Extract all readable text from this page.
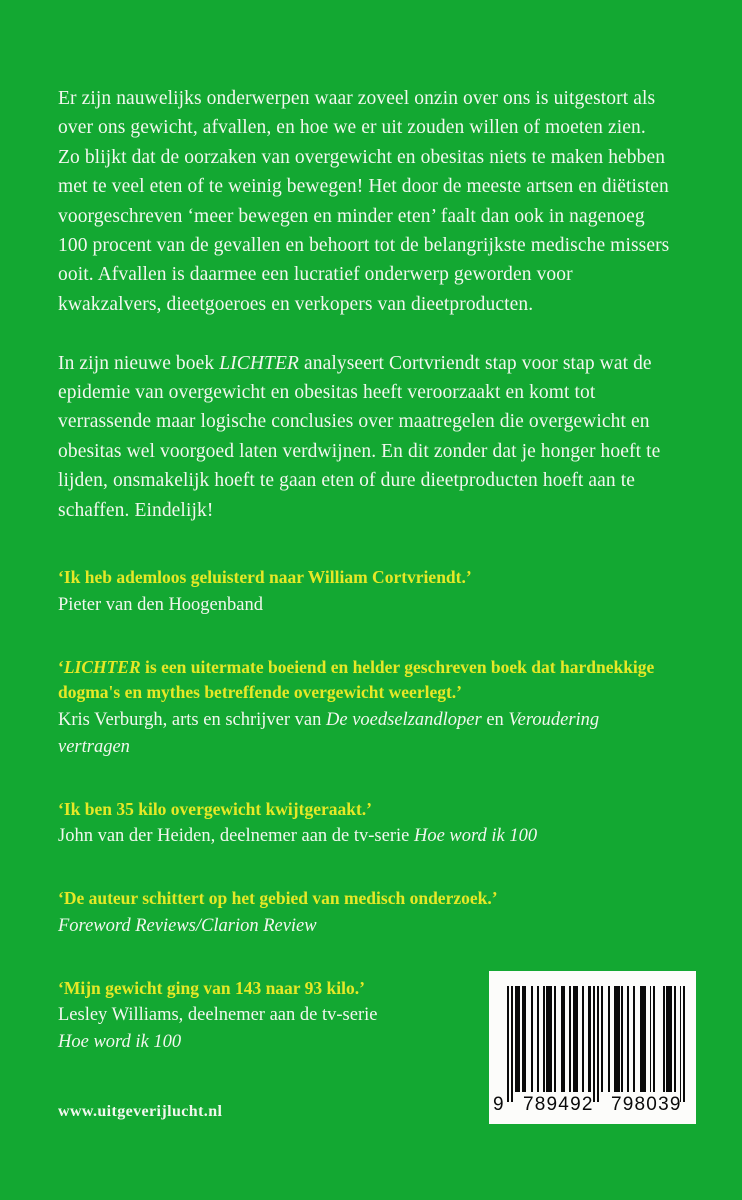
Er zijn nauwelijks onderwerpen waar zoveel onzin over ons is uitgestort als over ons gewicht, afvallen, en hoe we er uit zouden willen of moeten zien. Zo blijkt dat de oorzaken van overgewicht en obesitas niets te maken hebben met te veel eten of te weinig bewegen! Het door de meeste artsen en diëtisten voorgeschreven ‘meer bewegen en minder eten’ faalt dan ook in nagenoeg 100 procent van de gevallen en behoort tot de belangrijkste medische missers ooit. Afvallen is daarmee een lucratief onderwerp geworden voor kwakzalvers, dieetgoeroes en verkopers van dieetproducten.

In zijn nieuwe boek LICHTER analyseert Cortvriendt stap voor stap wat de epidemie van overgewicht en obesitas heeft veroorzaakt en komt tot verrassende maar logische conclusies over maatregelen die overgewicht en obesitas wel voorgoed laten verdwijnen. En dit zonder dat je honger hoeft te lijden, onsmakelijk hoeft te gaan eten of dure dieetproducten hoeft aan te schaffen. Eindelijk!

‘Ik heb ademloos geluisterd naar William Cortvriendt.’

Pieter van den Hoogenband

‘LICHTER is een uitermate boeiend en helder geschreven boek dat hardnekkige dogma's en mythes betreffende overgewicht weerlegt.’

Kris Verburgh, arts en schrijver van De voedselzandloper en Veroudering vertragen

‘Ik ben 35 kilo overgewicht kwijtgeraakt.’

John van der Heiden, deelnemer aan de tv-serie Hoe word ik 100

‘De auteur schittert op het gebied van medisch onderzoek.’

Foreword Reviews/Clarion Review

‘Mijn gewicht ging van 143 naar 93 kilo.’

Lesley Williams, deelnemer aan de tv-serie
Hoe word ik 100

www.uitgeverijlucht.nl	9 789492 798039
